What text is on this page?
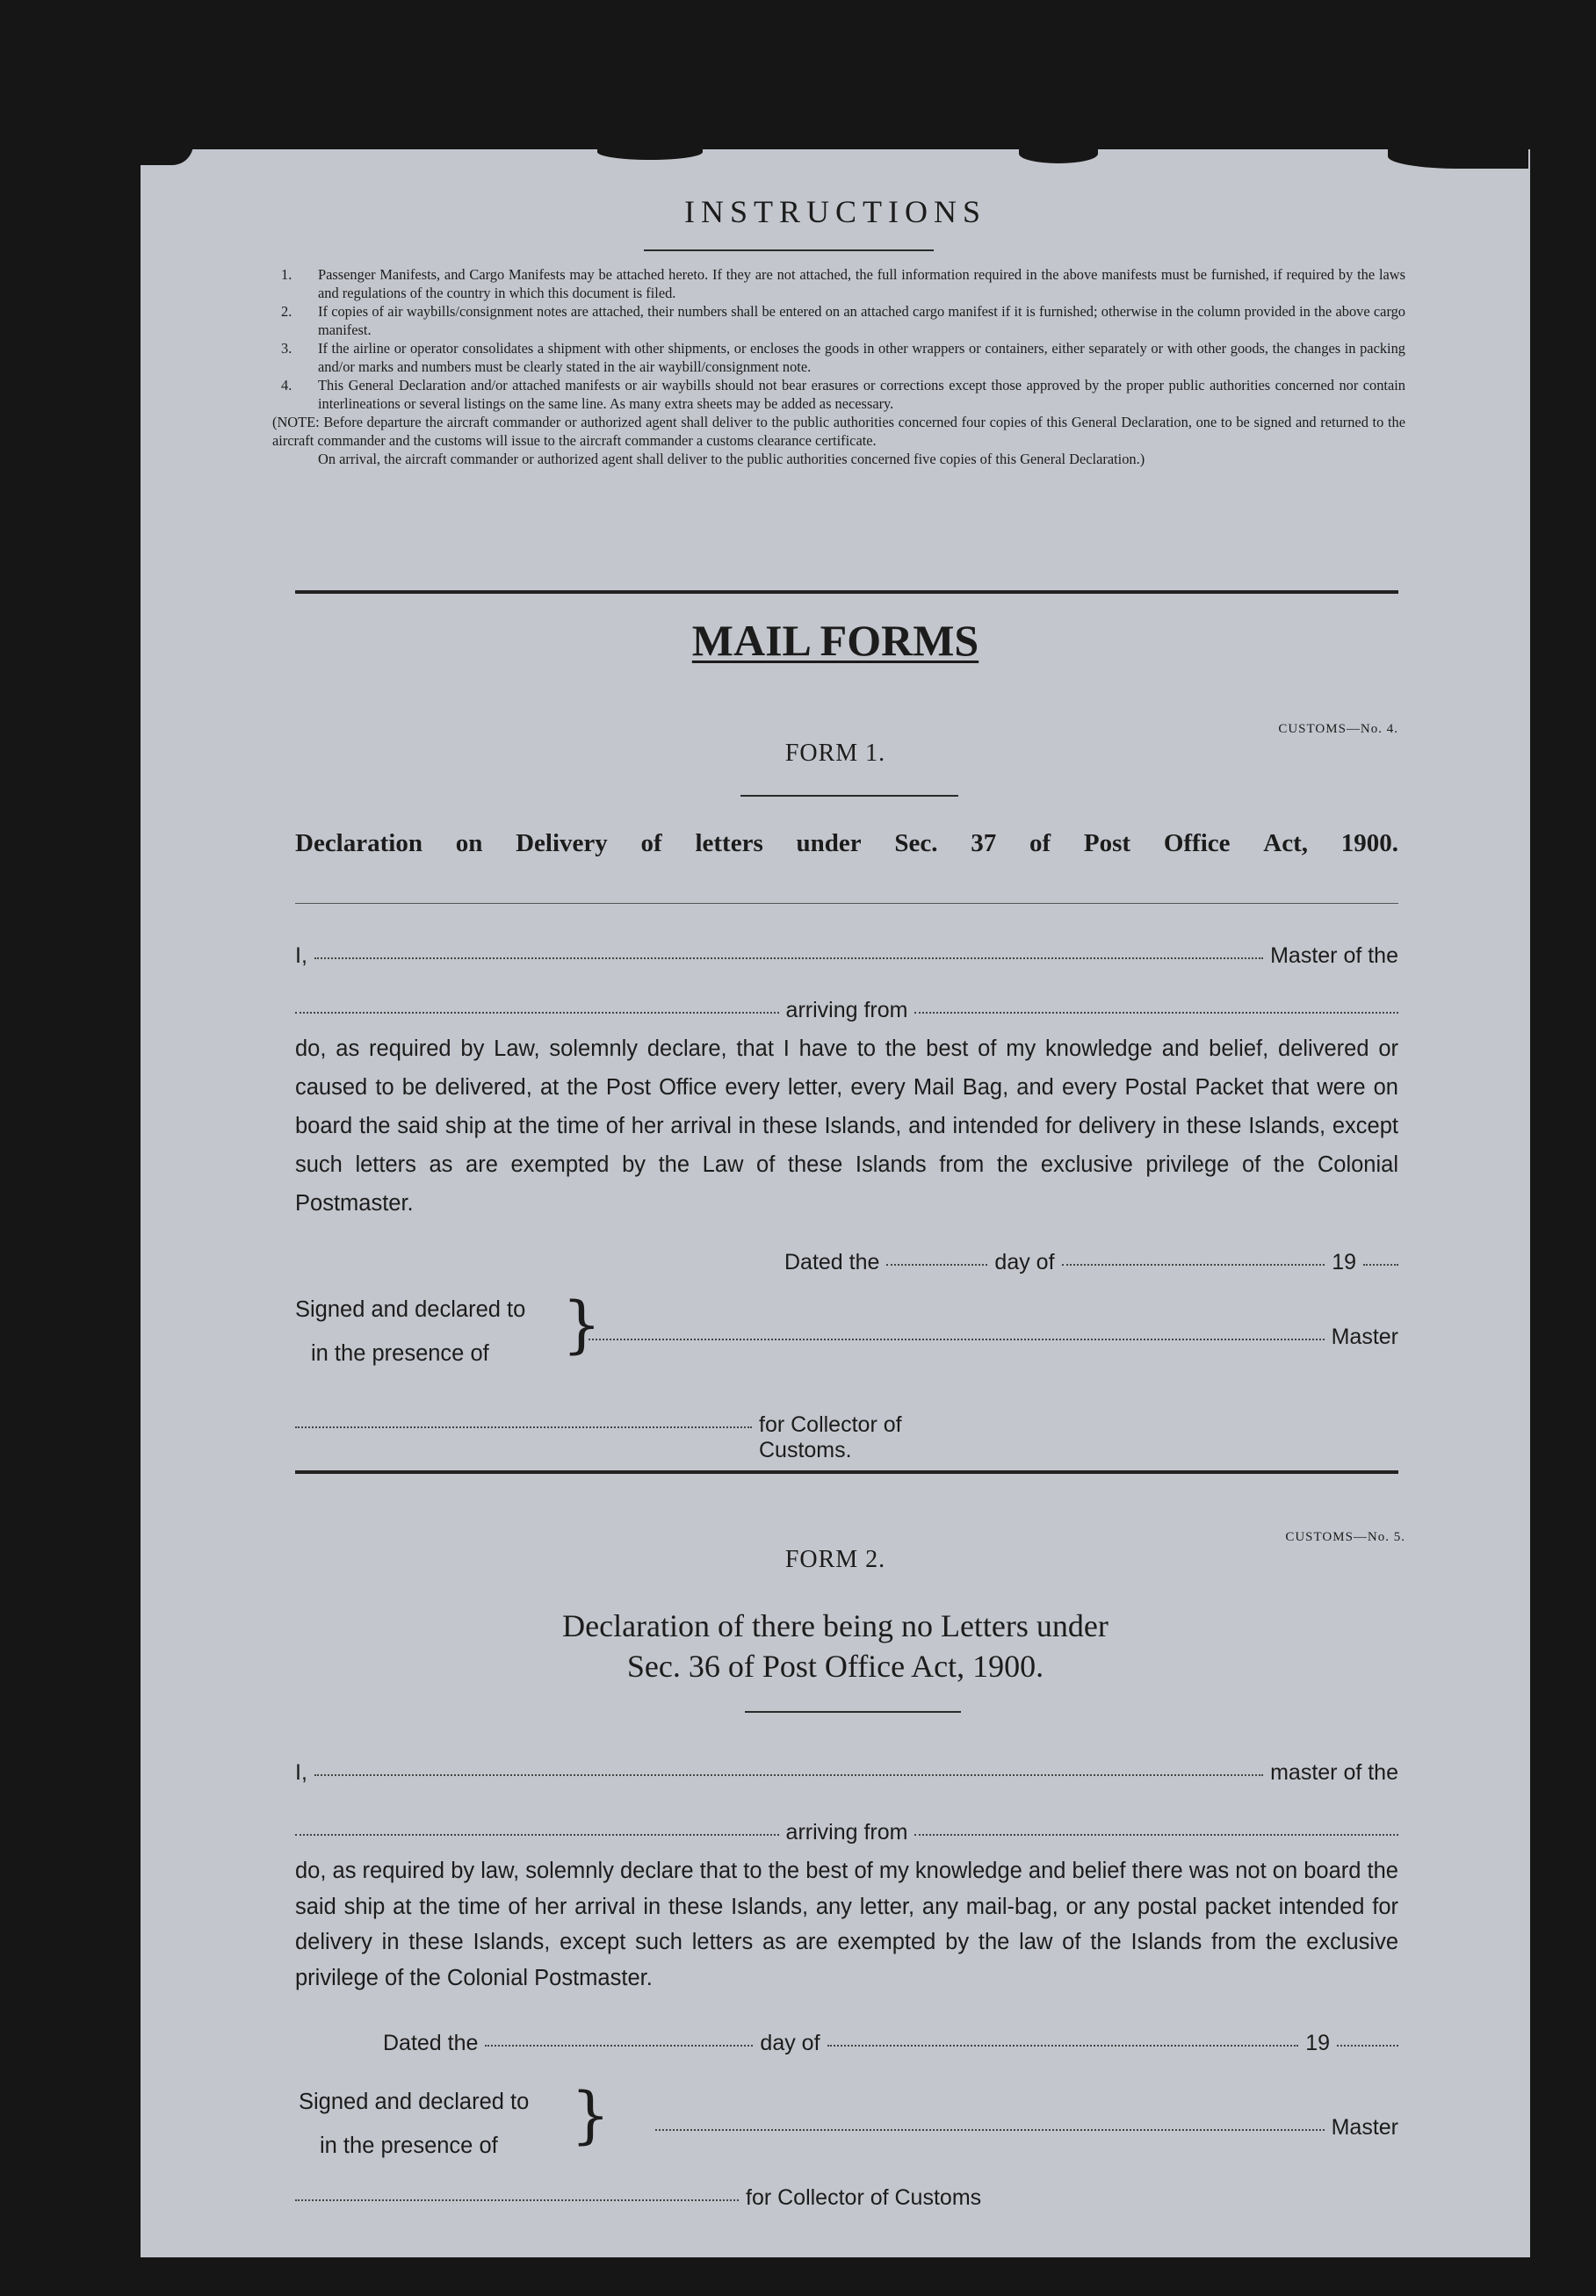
INSTRUCTIONS
1.	Passenger Manifests, and Cargo Manifests may be attached hereto. If they are not attached, the full information required in the above manifests must be furnished, if required by the laws and regulations of the country in which this document is filed.
2.	If copies of air waybills/consignment notes are attached, their numbers shall be entered on an attached cargo manifest if it is furnished; otherwise in the column provided in the above cargo manifest.
3.	If the airline or operator consolidates a shipment with other shipments, or encloses the goods in other wrappers or containers, either separately or with other goods, the changes in packing and/or marks and numbers must be clearly stated in the air waybill/consignment note.
4.	This General Declaration and/or attached manifests or air waybills should not bear erasures or corrections except those approved by the proper public authorities concerned nor contain interlineations or several listings on the same line. As many extra sheets may be added as necessary.
(NOTE: Before departure the aircraft commander or authorized agent shall deliver to the public authorities concerned four copies of this General Declaration, one to be signed and returned to the aircraft commander and the customs will issue to the aircraft commander a customs clearance certificate.
On arrival, the aircraft commander or authorized agent shall deliver to the public authorities concerned five copies of this General Declaration.)
MAIL FORMS
CUSTOMS—No. 4.
FORM 1.
Declaration on Delivery of letters under Sec. 37 of Post Office Act, 1900.
I,	Master of the
arriving from
do, as required by Law, solemnly declare, that I have to the best of my knowledge and belief, delivered or caused to be delivered, at the Post Office every letter, every Mail Bag, and every Postal Packet that were on board the said ship at the time of her arrival in these Islands, and intended for delivery in these Islands, except such letters as are exempted by the Law of these Islands from the exclusive privilege of the Colonial Postmaster.
Dated the	day of	19
Signed and declared to
in the presence of	}	Master
for Collector of Customs.
CUSTOMS—No. 5.
FORM 2.
Declaration of there being no Letters under
Sec. 36 of Post Office Act, 1900.
I,	master of the
arriving from
do, as required by law, solemnly declare that to the best of my knowledge and belief there was not on board the said ship at the time of her arrival in these Islands, any letter, any mail-bag, or any postal packet intended for delivery in these Islands, except such letters as are exempted by the law of the Islands from the exclusive privilege of the Colonial Postmaster.
Dated the	day of	19
Signed and declared to
in the presence of	}	Master
for Collector of Customs
